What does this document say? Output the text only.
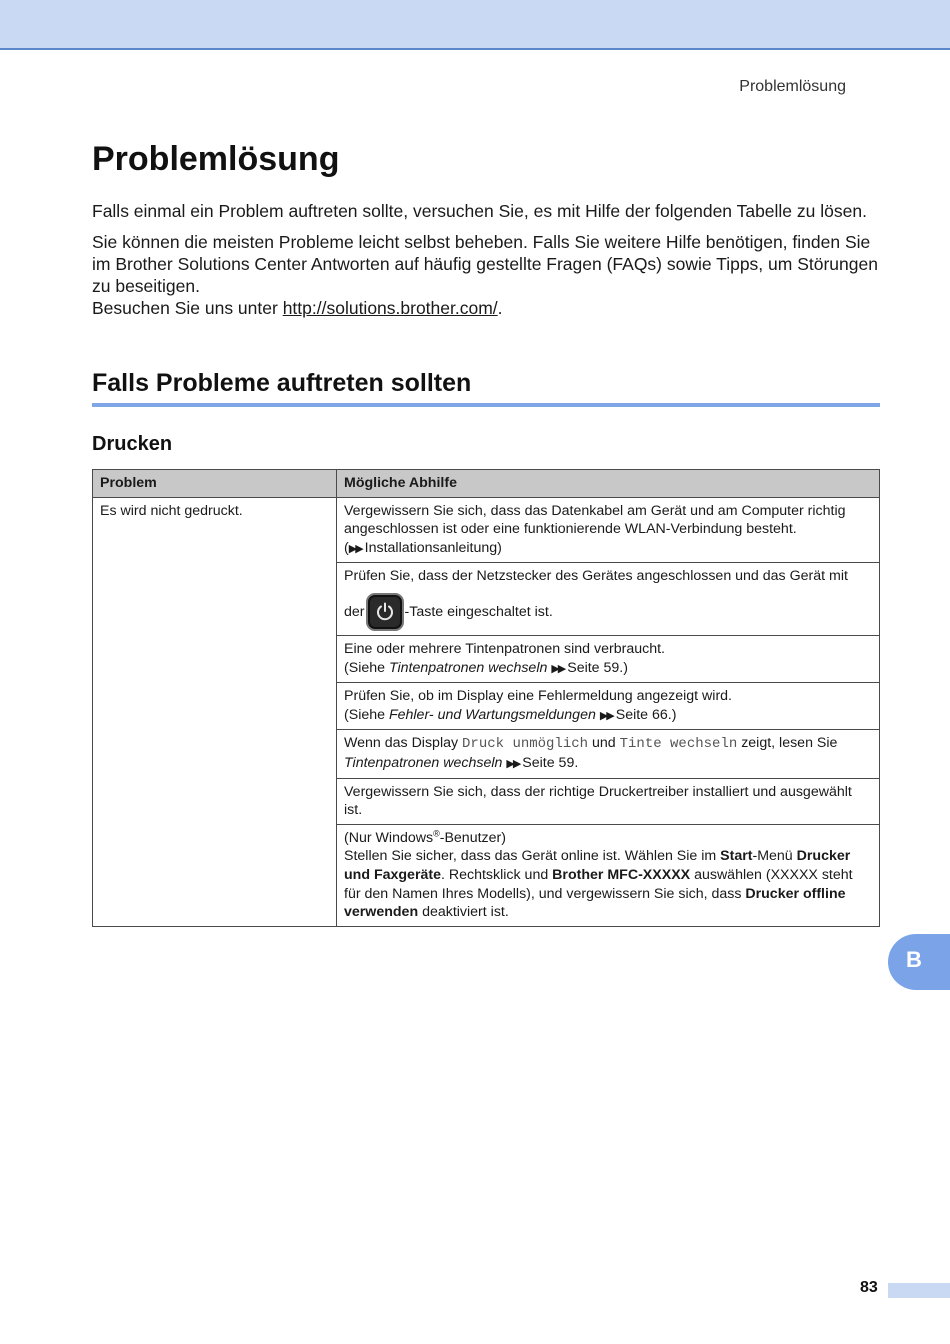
Problemlösung
Problemlösung

Falls einmal ein Problem auftreten sollte, versuchen Sie, es mit Hilfe der folgenden Tabelle zu lösen.

Sie können die meisten Probleme leicht selbst beheben. Falls Sie weitere Hilfe benötigen, finden Sie im Brother Solutions Center Antworten auf häufig gestellte Fragen (FAQs) sowie Tipps, um Störungen zu beseitigen.
Besuchen Sie uns unter http://solutions.brother.com/.

Falls Probleme auftreten sollten
Drucken
Problem	Mögliche Abhilfe
Es wird nicht gedruckt.	Vergewissern Sie sich, dass das Datenkabel am Gerät und am Computer richtig angeschlossen ist oder eine funktionierende WLAN-Verbindung besteht.
(▶▶ Installationsanleitung)
	Prüfen Sie, dass der Netzstecker des Gerätes angeschlossen und das Gerät mit
der -Taste eingeschaltet ist.

	Eine oder mehrere Tintenpatronen sind verbraucht.
(Siehe Tintenpatronen wechseln ▶▶ Seite 59.)
	Prüfen Sie, ob im Display eine Fehlermeldung angezeigt wird.
(Siehe Fehler- und Wartungsmeldungen ▶▶ Seite 66.)
	Wenn das Display Druck unmöglich und Tinte wechseln zeigt, lesen Sie Tintenpatronen wechseln ▶▶ Seite 59.
	Vergewissern Sie sich, dass der richtige Druckertreiber installiert und ausgewählt ist.
	(Nur Windows®-Benutzer)
Stellen Sie sicher, dass das Gerät online ist. Wählen Sie im Start-Menü Drucker und Faxgeräte. Rechtsklick und Brother MFC-XXXXX auswählen (XXXXX steht für den Namen Ihres Modells), und vergewissern Sie sich, dass Drucker offline verwenden deaktiviert ist.
B
83
